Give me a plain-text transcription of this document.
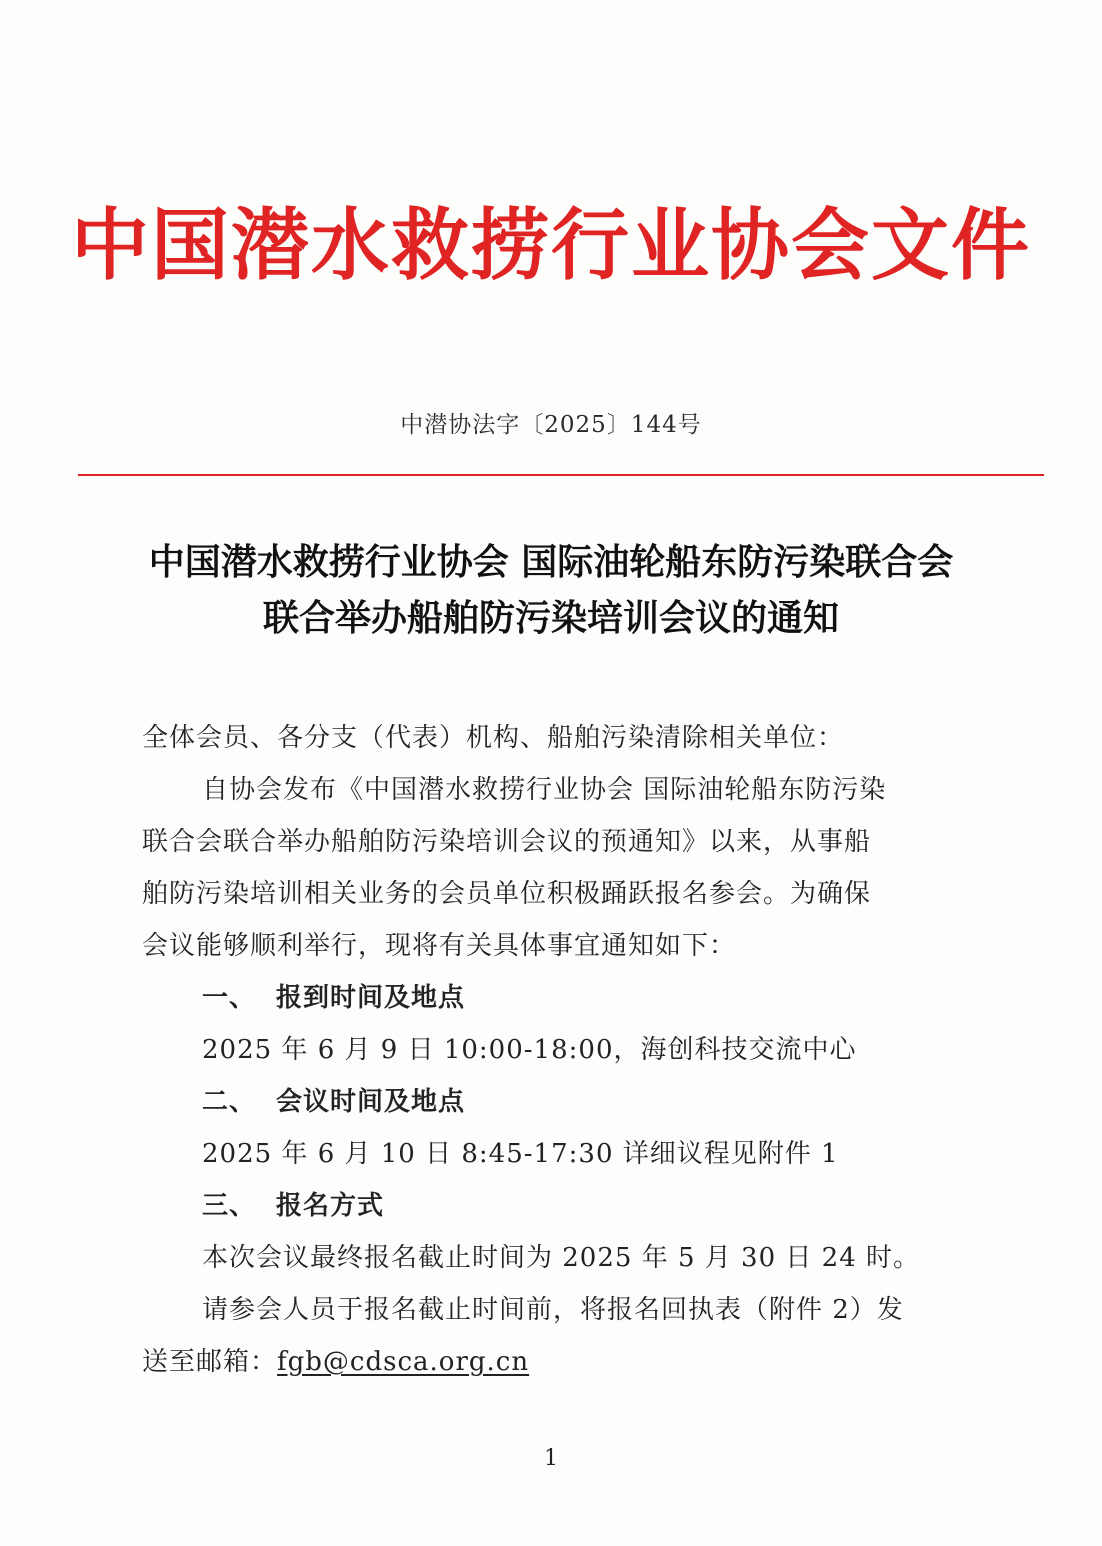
中国潜水救捞行业协会文件
中潜协法字〔2025〕144号
中国潜水救捞行业协会 国际油轮船东防污染联合会
联合举办船舶防污染培训会议的通知
全体会员、各分支（代表）机构、船舶污染清除相关单位：
自协会发布《中国潜水救捞行业协会 国际油轮船东防污染
联合会联合举办船舶防污染培训会议的预通知》以来，从事船
舶防污染培训相关业务的会员单位积极踊跃报名参会。为确保
会议能够顺利举行，现将有关具体事宜通知如下：
一、 报到时间及地点
2025 年 6 月 9 日 10:00-18:00，海创科技交流中心
二、 会议时间及地点
2025 年 6 月 10 日 8:45-17:30 详细议程见附件 1
三、 报名方式
本次会议最终报名截止时间为 2025 年 5 月 30 日 24 时。
请参会人员于报名截止时间前，将报名回执表（附件 2）发
送至邮箱：fgb@cdsca.org.cn
1
